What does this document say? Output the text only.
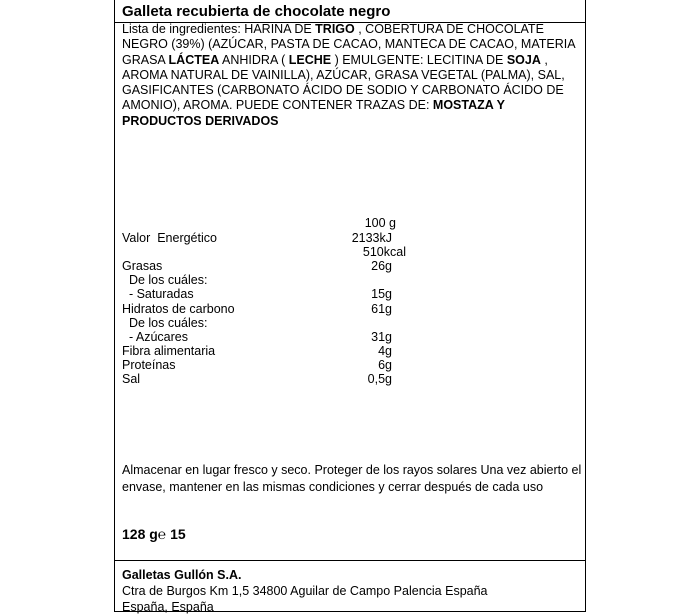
Galleta recubierta de chocolate negro
Lista de ingredientes: HARINA DE TRIGO , COBERTURA DE CHOCOLATE NEGRO (39%) (AZÚCAR, PASTA DE CACAO, MANTECA DE CACAO, MATERIA GRASA LÁCTEA ANHIDRA ( LECHE ) EMULGENTE: LECITINA DE SOJA , AROMA NATURAL DE VAINILLA), AZÚCAR, GRASA VEGETAL (PALMA), SAL, GASIFICANTES (CARBONATO ÁCIDO DE SODIO Y CARBONATO ÁCIDO DE AMONIO), AROMA. PUEDE CONTENER TRAZAS DE: MOSTAZA Y PRODUCTOS DERIVADOS
100 g
Valor  Energético	2133kJ
510kcal
Grasas	26g
De los cuáles:
- Saturadas	15g
Hidratos de carbono	61g
De los cuáles:
- Azúcares	31g
Fibra alimentaria	4g
Proteínas	6g
Sal	0,5g
Almacenar en lugar fresco y seco. Proteger de los rayos solares Una vez abierto el envase, mantener en las mismas condiciones y cerrar después de cada uso
128 g℮ 15
Galletas Gullón S.A.
Ctra de Burgos Km 1,5 34800 Aguilar de Campo Palencia España
España, España
